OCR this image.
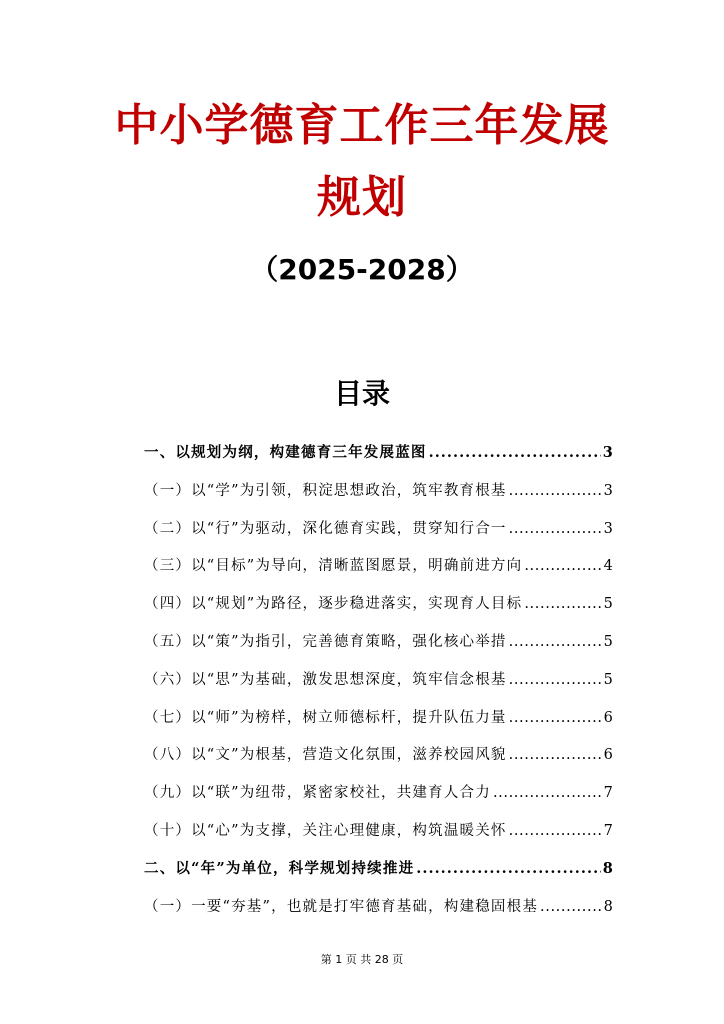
中小学德育工作三年发展
规划
（2025-2028）
目录
一、以规划为纲，构建德育三年发展蓝图 . . .	3
（一）以“学”为引领，积淀思想政治，筑牢教育根基 . . .	3
（二）以“行”为驱动，深化德育实践，贯穿知行合一 . . .	3
（三）以“目标”为导向，清晰蓝图愿景，明确前进方向 . . .	4
（四）以“规划”为路径，逐步稳进落实，实现育人目标 . . .	5
（五）以“策”为指引，完善德育策略，强化核心举措 . . .	5
（六）以“思”为基础，激发思想深度，筑牢信念根基 . . .	5
（七）以“师”为榜样，树立师德标杆，提升队伍力量 . . .	6
（八）以“文”为根基，营造文化氛围，滋养校园风貌 . . .	6
（九）以“联”为纽带，紧密家校社，共建育人合力 . . .	7
（十）以“心”为支撑，关注心理健康，构筑温暖关怀 . . .	7
二、以“年”为单位，科学规划持续推进 . . .	8
（一）一要“夯基”，也就是打牢德育基础，构建稳固根基 . . .	8
第 1 页 共 28 页
